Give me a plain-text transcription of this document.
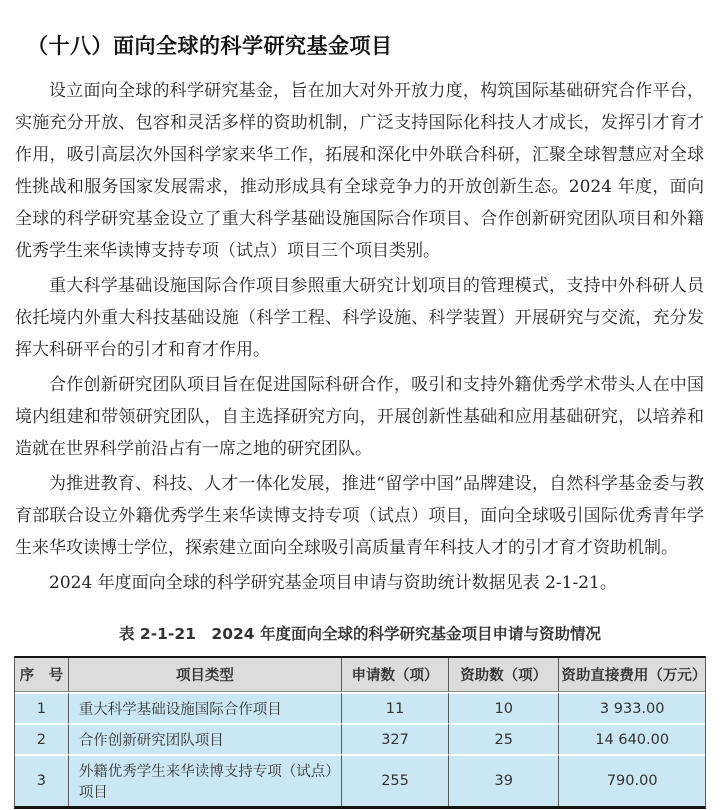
（十八）面向全球的科学研究基金项目

设立面向全球的科学研究基金，旨在加大对外开放力度，构筑国际基础研究合作平台，实施充分开放、包容和灵活多样的资助机制，广泛支持国际化科技人才成长，发挥引才育才作用，吸引高层次外国科学家来华工作，拓展和深化中外联合科研，汇聚全球智慧应对全球性挑战和服务国家发展需求，推动形成具有全球竞争力的开放创新生态。2024 年度，面向全球的科学研究基金设立了重大科学基础设施国际合作项目、合作创新研究团队项目和外籍优秀学生来华读博支持专项（试点）项目三个项目类别。

重大科学基础设施国际合作项目参照重大研究计划项目的管理模式，支持中外科研人员依托境内外重大科技基础设施（科学工程、科学设施、科学装置）开展研究与交流，充分发挥大科研平台的引才和育才作用。

合作创新研究团队项目旨在促进国际科研合作，吸引和支持外籍优秀学术带头人在中国境内组建和带领研究团队，自主选择研究方向，开展创新性基础和应用基础研究，以培养和造就在世界科学前沿占有一席之地的研究团队。

为推进教育、科技、人才一体化发展，推进“留学中国”品牌建设，自然科学基金委与教育部联合设立外籍优秀学生来华读博支持专项（试点）项目，面向全球吸引国际优秀青年学生来华攻读博士学位，探索建立面向全球吸引高质量青年科技人才的引才育才资助机制。

2024 年度面向全球的科学研究基金项目申请与资助统计数据见表 2-1-21。

表 2-1-21　2024 年度面向全球的科学研究基金项目申请与资助情况
序　号	项目类型	申请数（项）	资助数（项）	资助直接费用（万元）
1	重大科学基础设施国际合作项目	11	10	3 933.00
2	合作创新研究团队项目	327	25	14 640.00
3	外籍优秀学生来华读博支持专项（试点）项目	255	39	790.00
